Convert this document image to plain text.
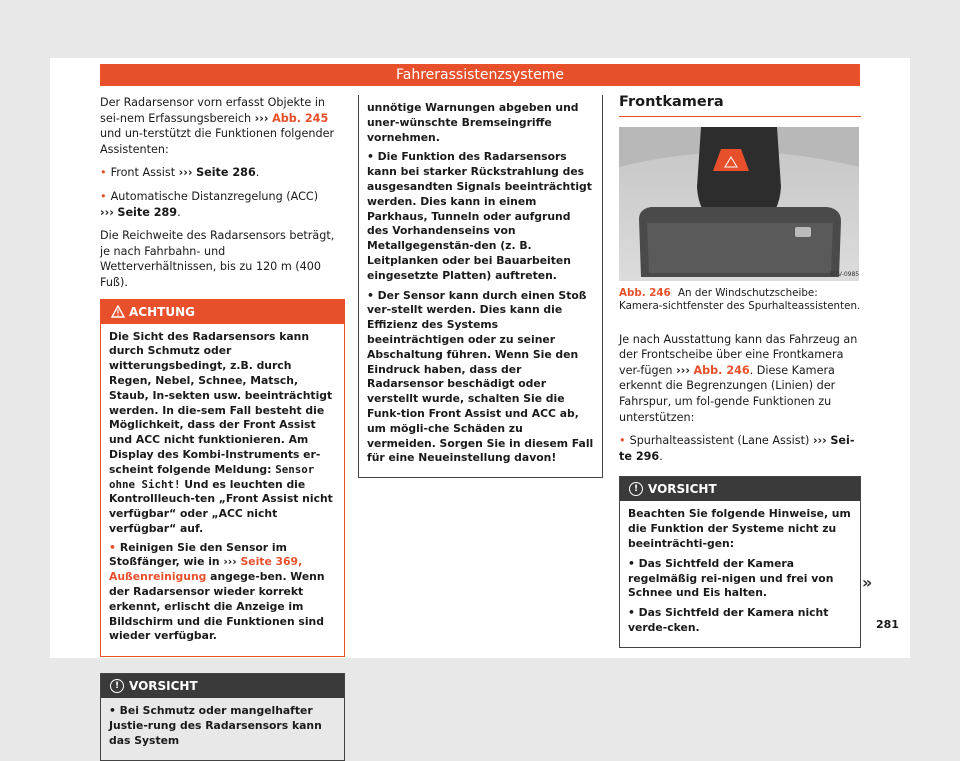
Fahrerassistenzsysteme

Der Radarsensor vorn erfasst Objekte in sei-nem Erfassungsbereich ››› Abb. 245 und un-terstützt die Funktionen folgender Assistenten:

• Front Assist ››› Seite 286.

• Automatische Distanzregelung (ACC)
››› Seite 289.

Die Reichweite des Radarsensors beträgt, je nach Fahrbahn- und Wetterverhältnissen, bis zu 120 m (400 Fuß).

ACHTUNG

Die Sicht des Radarsensors kann durch Schmutz oder witterungsbedingt, z.B. durch Regen, Nebel, Schnee, Matsch, Staub, In-sekten usw. beeinträchtigt werden. In die-sem Fall besteht die Möglichkeit, dass der Front Assist und ACC nicht funktionieren. Am Display des Kombi-Instruments er-scheint folgende Meldung: Sensor ohne Sicht! Und es leuchten die Kontrollleuch-ten „Front Assist nicht verfügbar“ oder „ACC nicht verfügbar“ auf.

• Reinigen Sie den Sensor im Stoßfänger, wie in ››› Seite 369, Außenreinigung angege-ben. Wenn der Radarsensor wieder korrekt erkennt, erlischt die Anzeige im Bildschirm und die Funktionen sind wieder verfügbar.

! VORSICHT

• Bei Schmutz oder mangelhafter Justie-rung des Radarsensors kann das System

unnötige Warnungen abgeben und uner-wünschte Bremseingriffe vornehmen.

• Die Funktion des Radarsensors kann bei starker Rückstrahlung des ausgesandten Signals beeinträchtigt werden. Dies kann in einem Parkhaus, Tunneln oder aufgrund des Vorhandenseins von Metallgegenstän-den (z. B. Leitplanken oder bei Bauarbeiten eingesetzte Platten) auftreten.

• Der Sensor kann durch einen Stoß ver-stellt werden. Dies kann die Effizienz des Systems beeinträchtigen oder zu seiner Abschaltung führen. Wenn Sie den Eindruck haben, dass der Radarsensor beschädigt oder verstellt wurde, schalten Sie die Funk-tion Front Assist und ACC ab, um mögli-che Schäden zu vermeiden. Sorgen Sie in diesem Fall für eine Neueinstellung davon!

Frontkamera
B7V-0985
Abb. 246 An der Windschutzscheibe: Kamera-sichtfenster des Spurhalteassistenten.

Je nach Ausstattung kann das Fahrzeug an der Frontscheibe über eine Frontkamera ver-fügen ››› Abb. 246. Diese Kamera erkennt die Begrenzungen (Linien) der Fahrspur, um fol-gende Funktionen zu unterstützen:

• Spurhalteassistent (Lane Assist) ››› Sei-te 296.

! VORSICHT

Beachten Sie folgende Hinweise, um die Funktion der Systeme nicht zu beeinträchti-gen:

• Das Sichtfeld der Kamera regelmäßig rei-nigen und frei von Schnee und Eis halten.

• Das Sichtfeld der Kamera nicht verde-cken.

»
281
